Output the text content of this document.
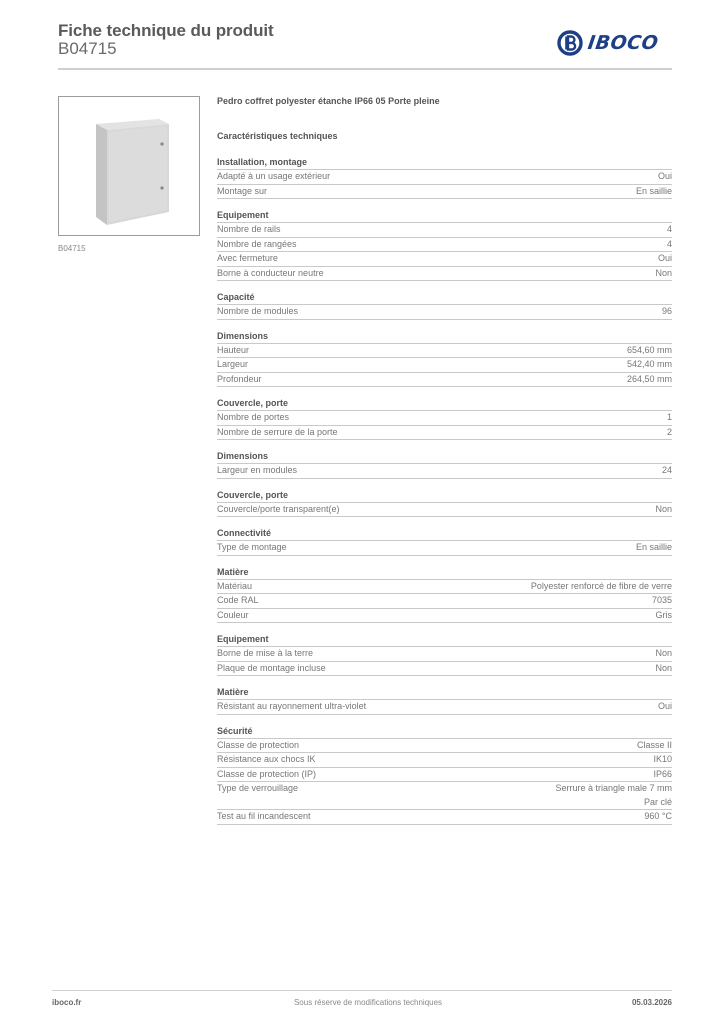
Fiche technique du produit
B04715	IBOCO
B04715
Pedro coffret polyester étanche IP66 05 Porte pleine
Caractéristiques techniques
Installation, montage
Adapté à un usage extérieur	Oui
Montage sur	En saillie
Equipement
Nombre de rails	4
Nombre de rangées	4
Avec fermeture	Oui
Borne à conducteur neutre	Non
Capacité
Nombre de modules	96
Dimensions
Hauteur	654,60 mm
Largeur	542,40 mm
Profondeur	264,50 mm
Couvercle, porte
Nombre de portes	1
Nombre de serrure de la porte	2
Dimensions
Largeur en modules	24
Couvercle, porte
Couvercle/porte transparent(e)	Non
Connectivité
Type de montage	En saillie
Matière
Matériau	Polyester renforcé de fibre de verre
Code RAL	7035
Couleur	Gris
Equipement
Borne de mise à la terre	Non
Plaque de montage incluse	Non
Matière
Résistant au rayonnement ultra-violet	Oui
Sécurité
Classe de protection	Classe II
Résistance aux chocs IK	IK10
Classe de protection (IP)	IP66
Type de verrouillage	Serrure à triangle male 7 mm
Par clé
Test au fil incandescent	960 °C
iboco.fr	Sous réserve de modifications techniques	05.03.2026
